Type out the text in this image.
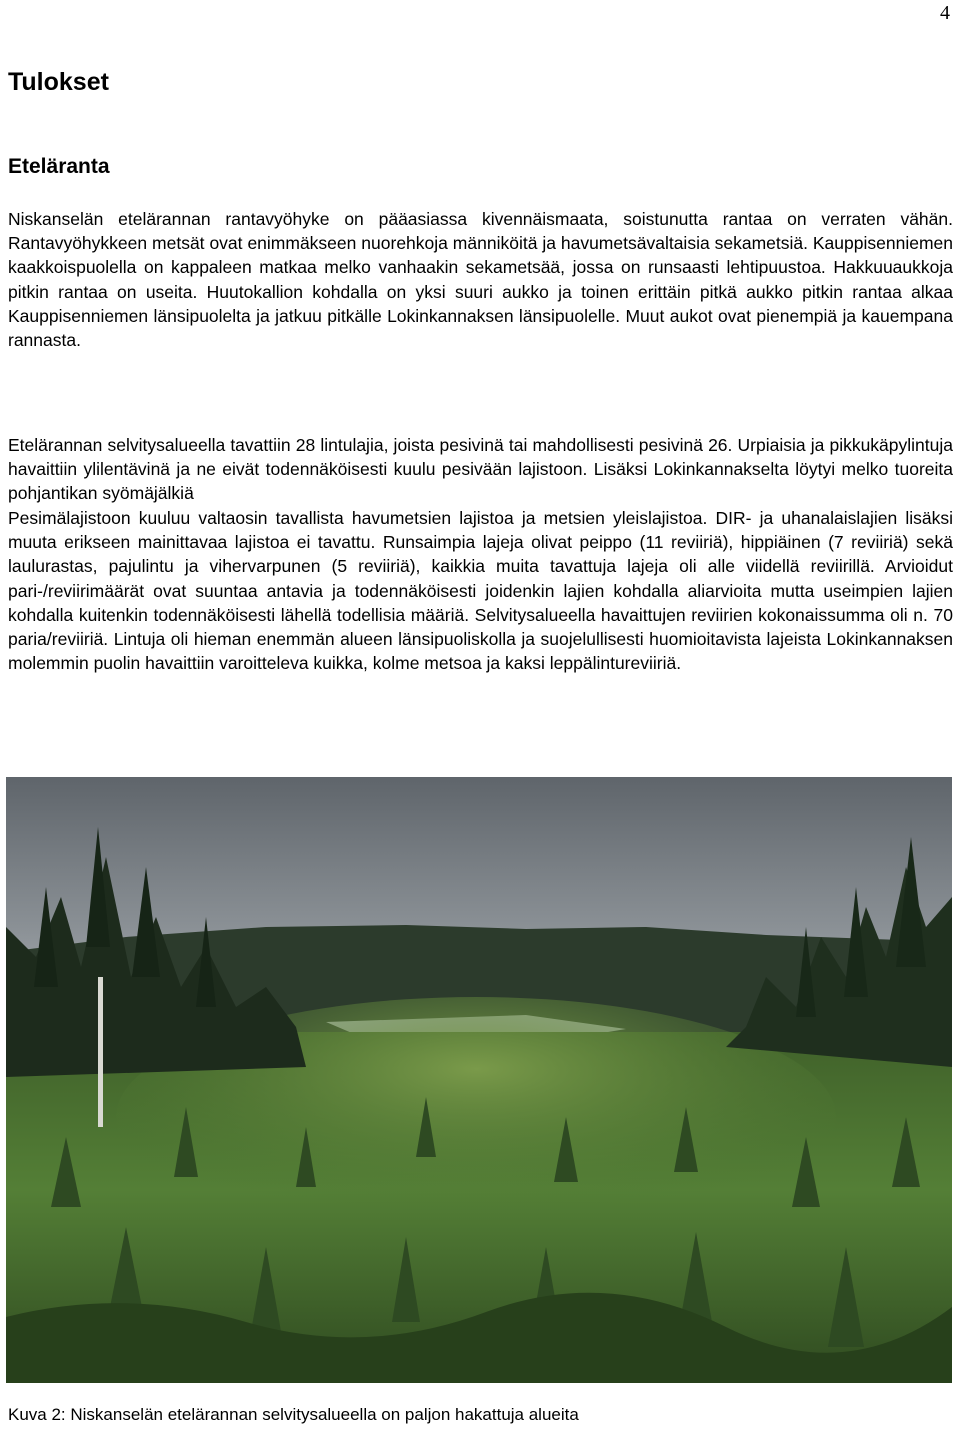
4
Tulokset
Eteläranta

Niskanselän etelärannan rantavyöhyke on pääasiassa kivennäismaata, soistunutta rantaa on verraten vähän. Rantavyöhykkeen metsät ovat enimmäkseen nuorehkoja männiköitä ja havumetsävaltaisia sekametsiä. Kauppisenniemen kaakkoispuolella on kappaleen matkaa melko vanhaakin sekametsää, jossa on runsaasti lehtipuustoa. Hakkuuaukkoja pitkin rantaa on useita. Huutokallion kohdalla on yksi suuri aukko ja toinen erittäin pitkä aukko pitkin rantaa alkaa Kauppisenniemen länsipuolelta ja jatkuu pitkälle Lokinkannaksen länsipuolelle. Muut aukot ovat pienempiä ja kauempana rannasta.

Etelärannan selvitysalueella tavattiin 28 lintulajia, joista pesivinä tai mahdollisesti pesivinä 26. Urpiaisia ja pikkukäpylintuja havaittiin ylilentävinä ja ne eivät todennäköisesti kuulu pesivään lajistoon. Lisäksi Lokinkannakselta löytyi melko tuoreita pohjantikan syömäjälkiä

Pesimälajistoon kuuluu valtaosin tavallista havumetsien lajistoa ja metsien yleislajistoa. DIR- ja uhanalaislajien lisäksi muuta erikseen mainittavaa lajistoa ei tavattu. Runsaimpia lajeja olivat peippo (11 reviiriä), hippiäinen (7 reviiriä) sekä laulurastas, pajulintu ja vihervarpunen (5 reviiriä), kaikkia muita tavattuja lajeja oli alle viidellä reviirillä. Arvioidut pari-/reviirimäärät ovat suuntaa antavia ja todennäköisesti joidenkin lajien kohdalla aliarvioita mutta useimpien lajien kohdalla kuitenkin todennäköisesti lähellä todellisia määriä. Selvitysalueella havaittujen reviirien kokonaissumma oli n. 70 paria/reviiriä. Lintuja oli hieman enemmän alueen länsipuoliskolla ja suojelullisesti huomioitavista lajeista Lokinkannaksen molemmin puolin havaittiin varoitteleva kuikka, kolme metsoa ja kaksi leppälintureviiriä.

Kuva 2: Niskanselän etelärannan selvitysalueella on paljon hakattuja alueita
